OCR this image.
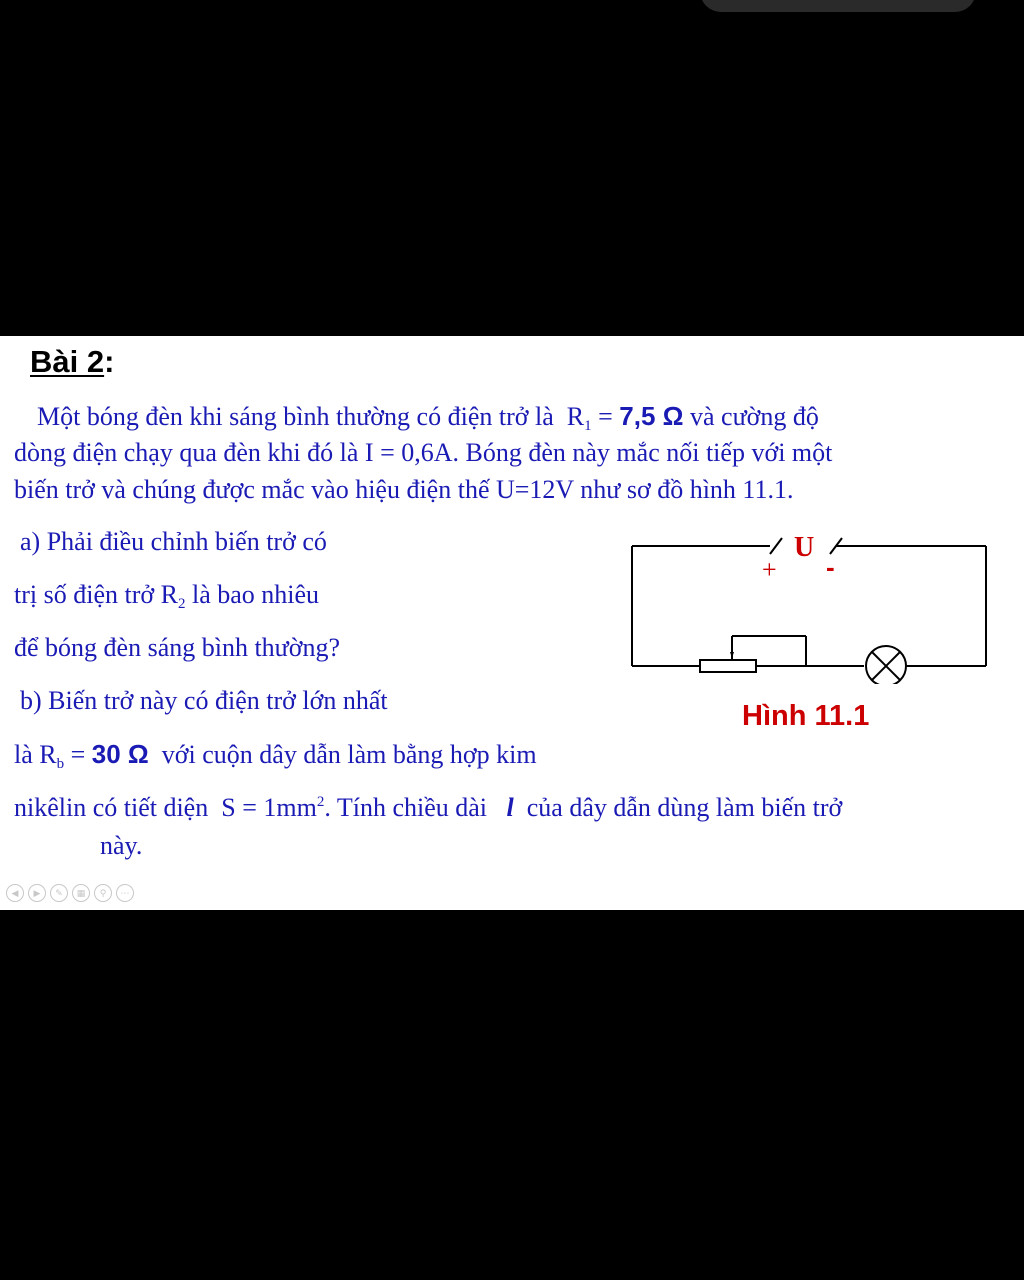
Bài 2:
Một bóng đèn khi sáng bình thường có điện trở là $R_1 = 7,5$ Ω và cường độ
dòng điện chạy qua đèn khi đó là I = 0,6A. Bóng đèn này mắc nối tiếp với một
biến trở và chúng được mắc vào hiệu điện thế U=12V như sơ đồ hình 11.1.
a) Phải điều chỉnh biến trở có
trị số điện trở $R_2$ là bao nhiêu
để bóng đèn sáng bình thường?
b) Biến trở này có điện trở lớn nhất
là $R_b = 30$ Ω với cuộn dây dẫn làm bằng hợp kim
nikêlin có tiết diện $S = 1mm^2$. Tính chiều dài l của dây dẫn dùng làm biến trở
này.
U
+ -
Hình 11.1
◀	▶	✎	▦	⚲	⋯
